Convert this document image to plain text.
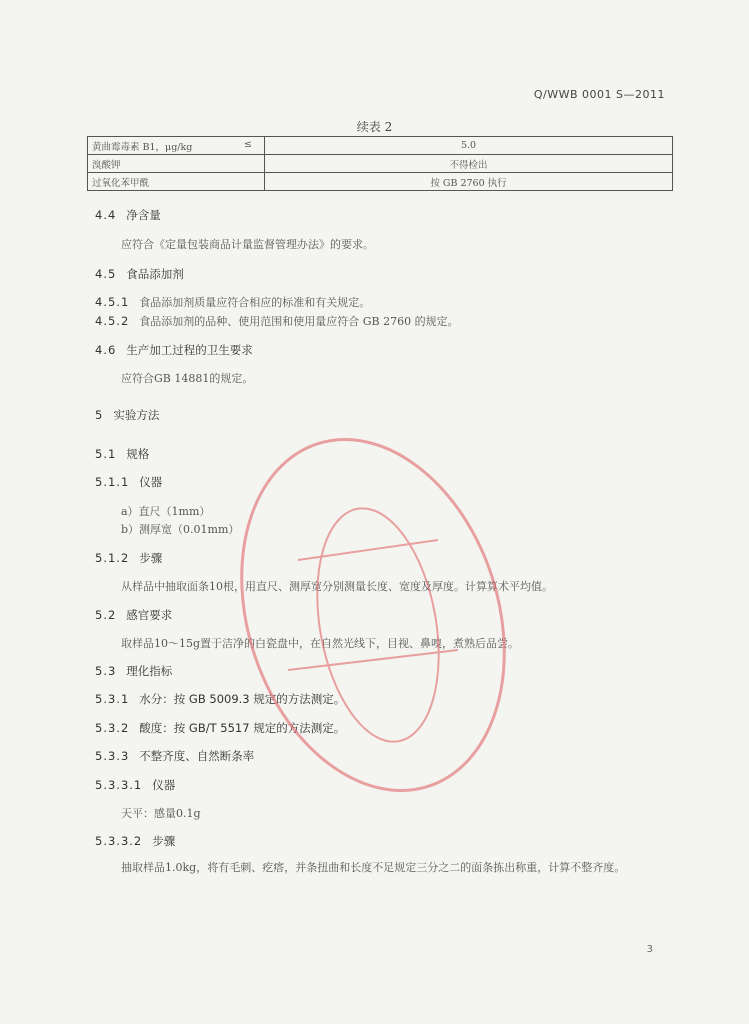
Q/WWB 0001 S—2011
续表 2
黄曲霉毒素 B1，μg/kg ≤	5.0
溴酸钾	不得检出
过氧化苯甲酰	按 GB 2760 执行
4.4 净含量
应符合《定量包装商品计量监督管理办法》的要求。
4.5 食品添加剂
4.5.1 食品添加剂质量应符合相应的标准和有关规定。
4.5.2 食品添加剂的品种、使用范围和使用量应符合 GB 2760 的规定。
4.6 生产加工过程的卫生要求
应符合GB 14881的规定。
5 实验方法
5.1 规格
5.1.1 仪器
a）直尺（1mm）
b）测厚宽（0.01mm）
5.1.2 步骤
从样品中抽取面条10根，用直尺、测厚宽分别测量长度、宽度及厚度。计算算术平均值。
5.2 感官要求
取样品10～15g置于洁净的白瓷盘中，在自然光线下，目视、鼻嗅，煮熟后品尝。
5.3 理化指标
5.3.1 水分：按 GB 5009.3 规定的方法测定。
5.3.2 酸度：按 GB/T 5517 规定的方法测定。
5.3.3 不整齐度、自然断条率
5.3.3.1 仪器
天平：感量0.1g
5.3.3.2 步骤
抽取样品1.0kg，将有毛刺、疙瘩，并条扭曲和长度不足规定三分之二的面条拣出称重，计算不整齐度。
3
